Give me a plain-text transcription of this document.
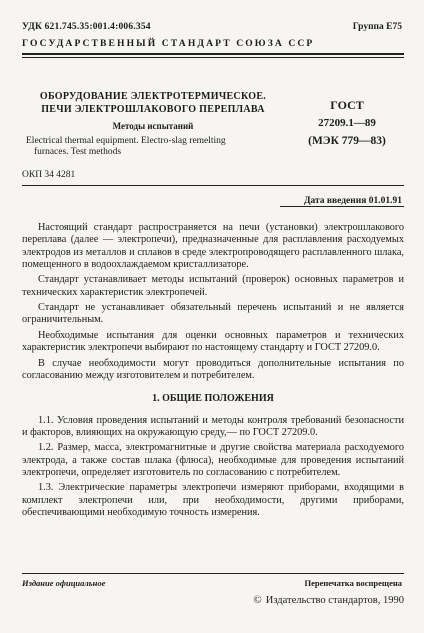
УДК 621.745.35:001.4:006.354	Группа Е75
ГОСУДАРСТВЕННЫЙ СТАНДАРТ СОЮЗА ССР
ОБОРУДОВАНИЕ ЭЛЕКТРОТЕРМИЧЕСКОЕ.
ПЕЧИ ЭЛЕКТРОШЛАКОВОГО ПЕРЕПЛАВА
Методы испытаний
Electrical thermal equipment. Electro-slag remelting
furnaces. Test methods
ГОСТ
27209.1—89
(МЭК 779—83)
ОКП 34 4281
Дата введения 01.01.91

Настоящий стандарт распространяется на печи (установки) электрошлакового переплава (далее — электропечи), предназначенные для расплавления расходуемых электродов из металлов и сплавов в среде электропроводящего расплавленного шлака, помещенного в водоохлаждаемом кристаллизаторе.

Стандарт устанавливает методы испытаний (проверок) основных параметров и технических характеристик электропечей.

Стандарт не устанавливает обязательный перечень испытаний и не является ограничительным.

Необходимые испытания для оценки основных параметров и технических характеристик электропечи выбирают по настоящему стандарту и ГОСТ 27209.0.

В случае необходимости могут проводиться дополнительные испытания по согласованию между изготовителем и потребителем.

1. ОБЩИЕ ПОЛОЖЕНИЯ

1.1. Условия проведения испытаний и методы контроля требований безопасности и факторов, влияющих на окружающую среду,— по ГОСТ 27209.0.

1.2. Размер, масса, электромагнитные и другие свойства материала расходуемого электрода, а также состав шлака (флюса), необходимые для проведения испытаний электропечи, определяет изготовитель по согласованию с потребителем.

1.3. Электрические параметры электропечи измеряют приборами, входящими в комплект электропечи или, при необходимости, другими приборами, обеспечивающими необходимую точность измерения.

Издание официальное	Перепечатка воспрещена
© Издательство стандартов, 1990
